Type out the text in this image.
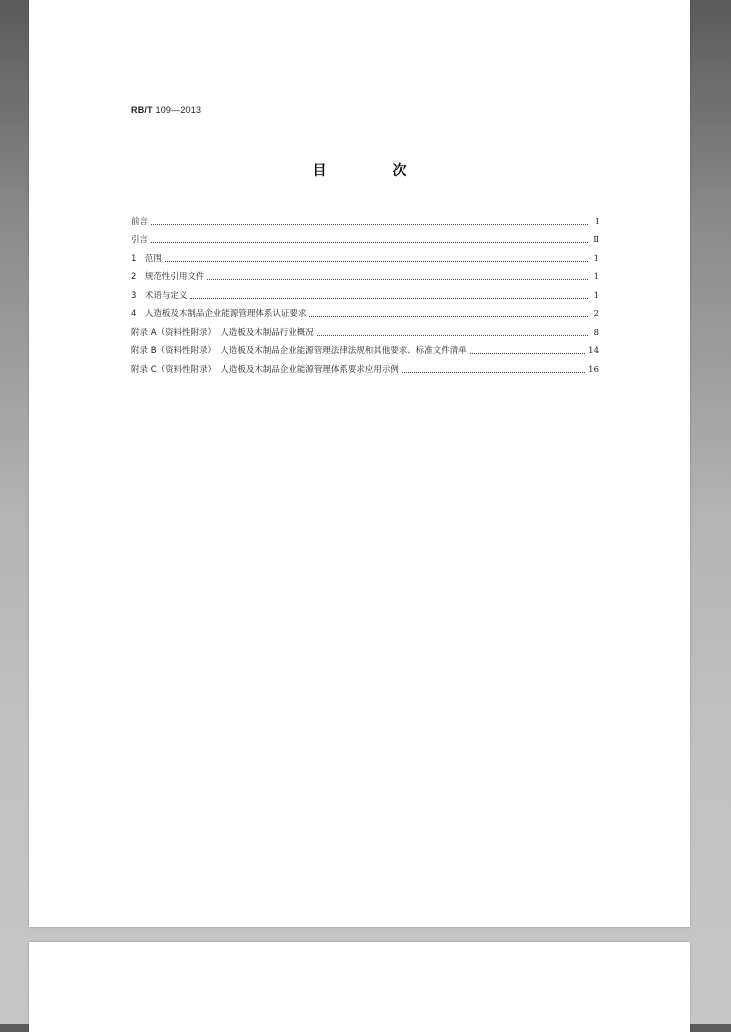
RB/T 109—2013
目　次
前言	Ⅰ
引言	Ⅱ
1　范围	1
2　规范性引用文件	1
3　术语与定义	1
4　人造板及木制品企业能源管理体系认证要求	2
附录 A（资料性附录）　人造板及木制品行业概况	8
附录 B（资料性附录）　人造板及木制品企业能源管理法律法规和其他要求、标准文件清单	14
附录 C（资料性附录）　人造板及木制品企业能源管理体系要求应用示例	16
